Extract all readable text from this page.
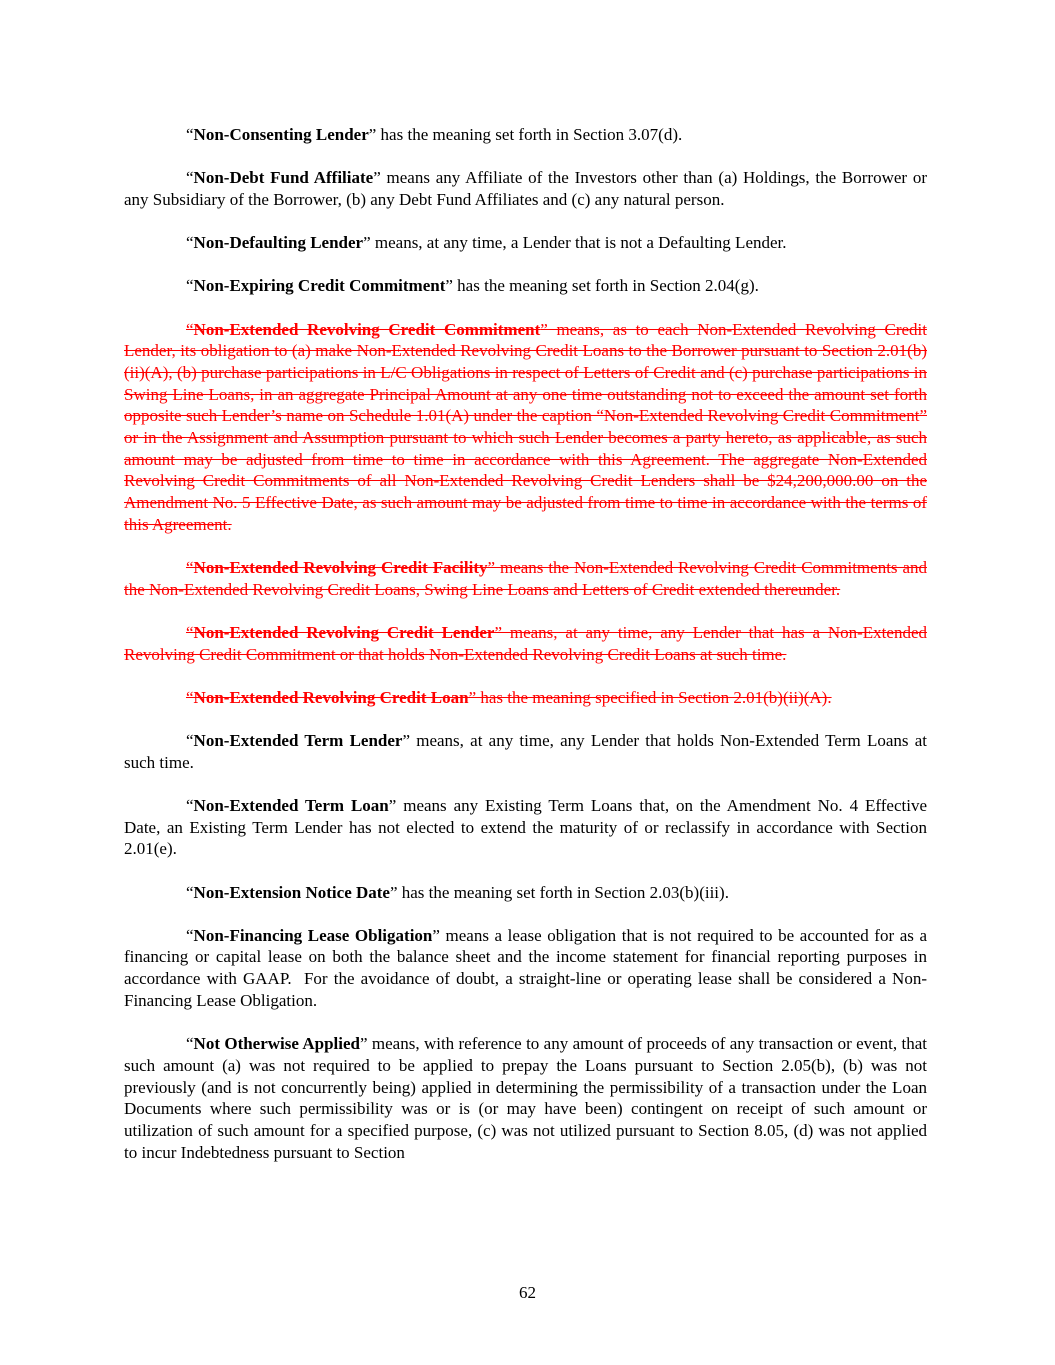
“Non-Consenting Lender” has the meaning set forth in Section 3.07(d).

“Non-Debt Fund Affiliate” means any Affiliate of the Investors other than (a) Holdings, the Borrower or any Subsidiary of the Borrower, (b) any Debt Fund Affiliates and (c) any natural person.

“Non-Defaulting Lender” means, at any time, a Lender that is not a Defaulting Lender.

“Non-Expiring Credit Commitment” has the meaning set forth in Section 2.04(g).

“Non-Extended Revolving Credit Commitment” means, as to each Non-Extended Revolving Credit Lender, its obligation to (a) make Non-Extended Revolving Credit Loans to the Borrower pursuant to Section 2.01(b)(ii)(A), (b) purchase participations in L/C Obligations in respect of Letters of Credit and (c) purchase participations in Swing Line Loans, in an aggregate Principal Amount at any one time outstanding not to exceed the amount set forth opposite such Lender’s name on Schedule 1.01(A) under the caption “Non-Extended Revolving Credit Commitment” or in the Assignment and Assumption pursuant to which such Lender becomes a party hereto, as applicable, as such amount may be adjusted from time to time in accordance with this Agreement. The aggregate Non-Extended Revolving Credit Commitments of all Non-Extended Revolving Credit Lenders shall be $24,200,000.00 on the Amendment No. 5 Effective Date, as such amount may be adjusted from time to time in accordance with the terms of this Agreement.

“Non-Extended Revolving Credit Facility” means the Non-Extended Revolving Credit Commitments and the Non-Extended Revolving Credit Loans, Swing Line Loans and Letters of Credit extended thereunder.

“Non-Extended Revolving Credit Lender” means, at any time, any Lender that has a Non-Extended Revolving Credit Commitment or that holds Non-Extended Revolving Credit Loans at such time.

“Non-Extended Revolving Credit Loan” has the meaning specified in Section 2.01(b)(ii)(A).

“Non-Extended Term Lender” means, at any time, any Lender that holds Non-Extended Term Loans at such time.

“Non-Extended Term Loan” means any Existing Term Loans that, on the Amendment No. 4 Effective Date, an Existing Term Lender has not elected to extend the maturity of or reclassify in accordance with Section 2.01(e).

“Non-Extension Notice Date” has the meaning set forth in Section 2.03(b)(iii).

“Non-Financing Lease Obligation” means a lease obligation that is not required to be accounted for as a financing or capital lease on both the balance sheet and the income statement for financial reporting purposes in accordance with GAAP.  For the avoidance of doubt, a straight-line or operating lease shall be considered a Non-Financing Lease Obligation.

“Not Otherwise Applied” means, with reference to any amount of proceeds of any transaction or event, that such amount (a) was not required to be applied to prepay the Loans pursuant to Section 2.05(b), (b) was not previously (and is not concurrently being) applied in determining the permissibility of a transaction under the Loan Documents where such permissibility was or is (or may have been) contingent on receipt of such amount or utilization of such amount for a specified purpose, (c) was not utilized pursuant to Section 8.05, (d) was not applied to incur Indebtedness pursuant to Section

62
